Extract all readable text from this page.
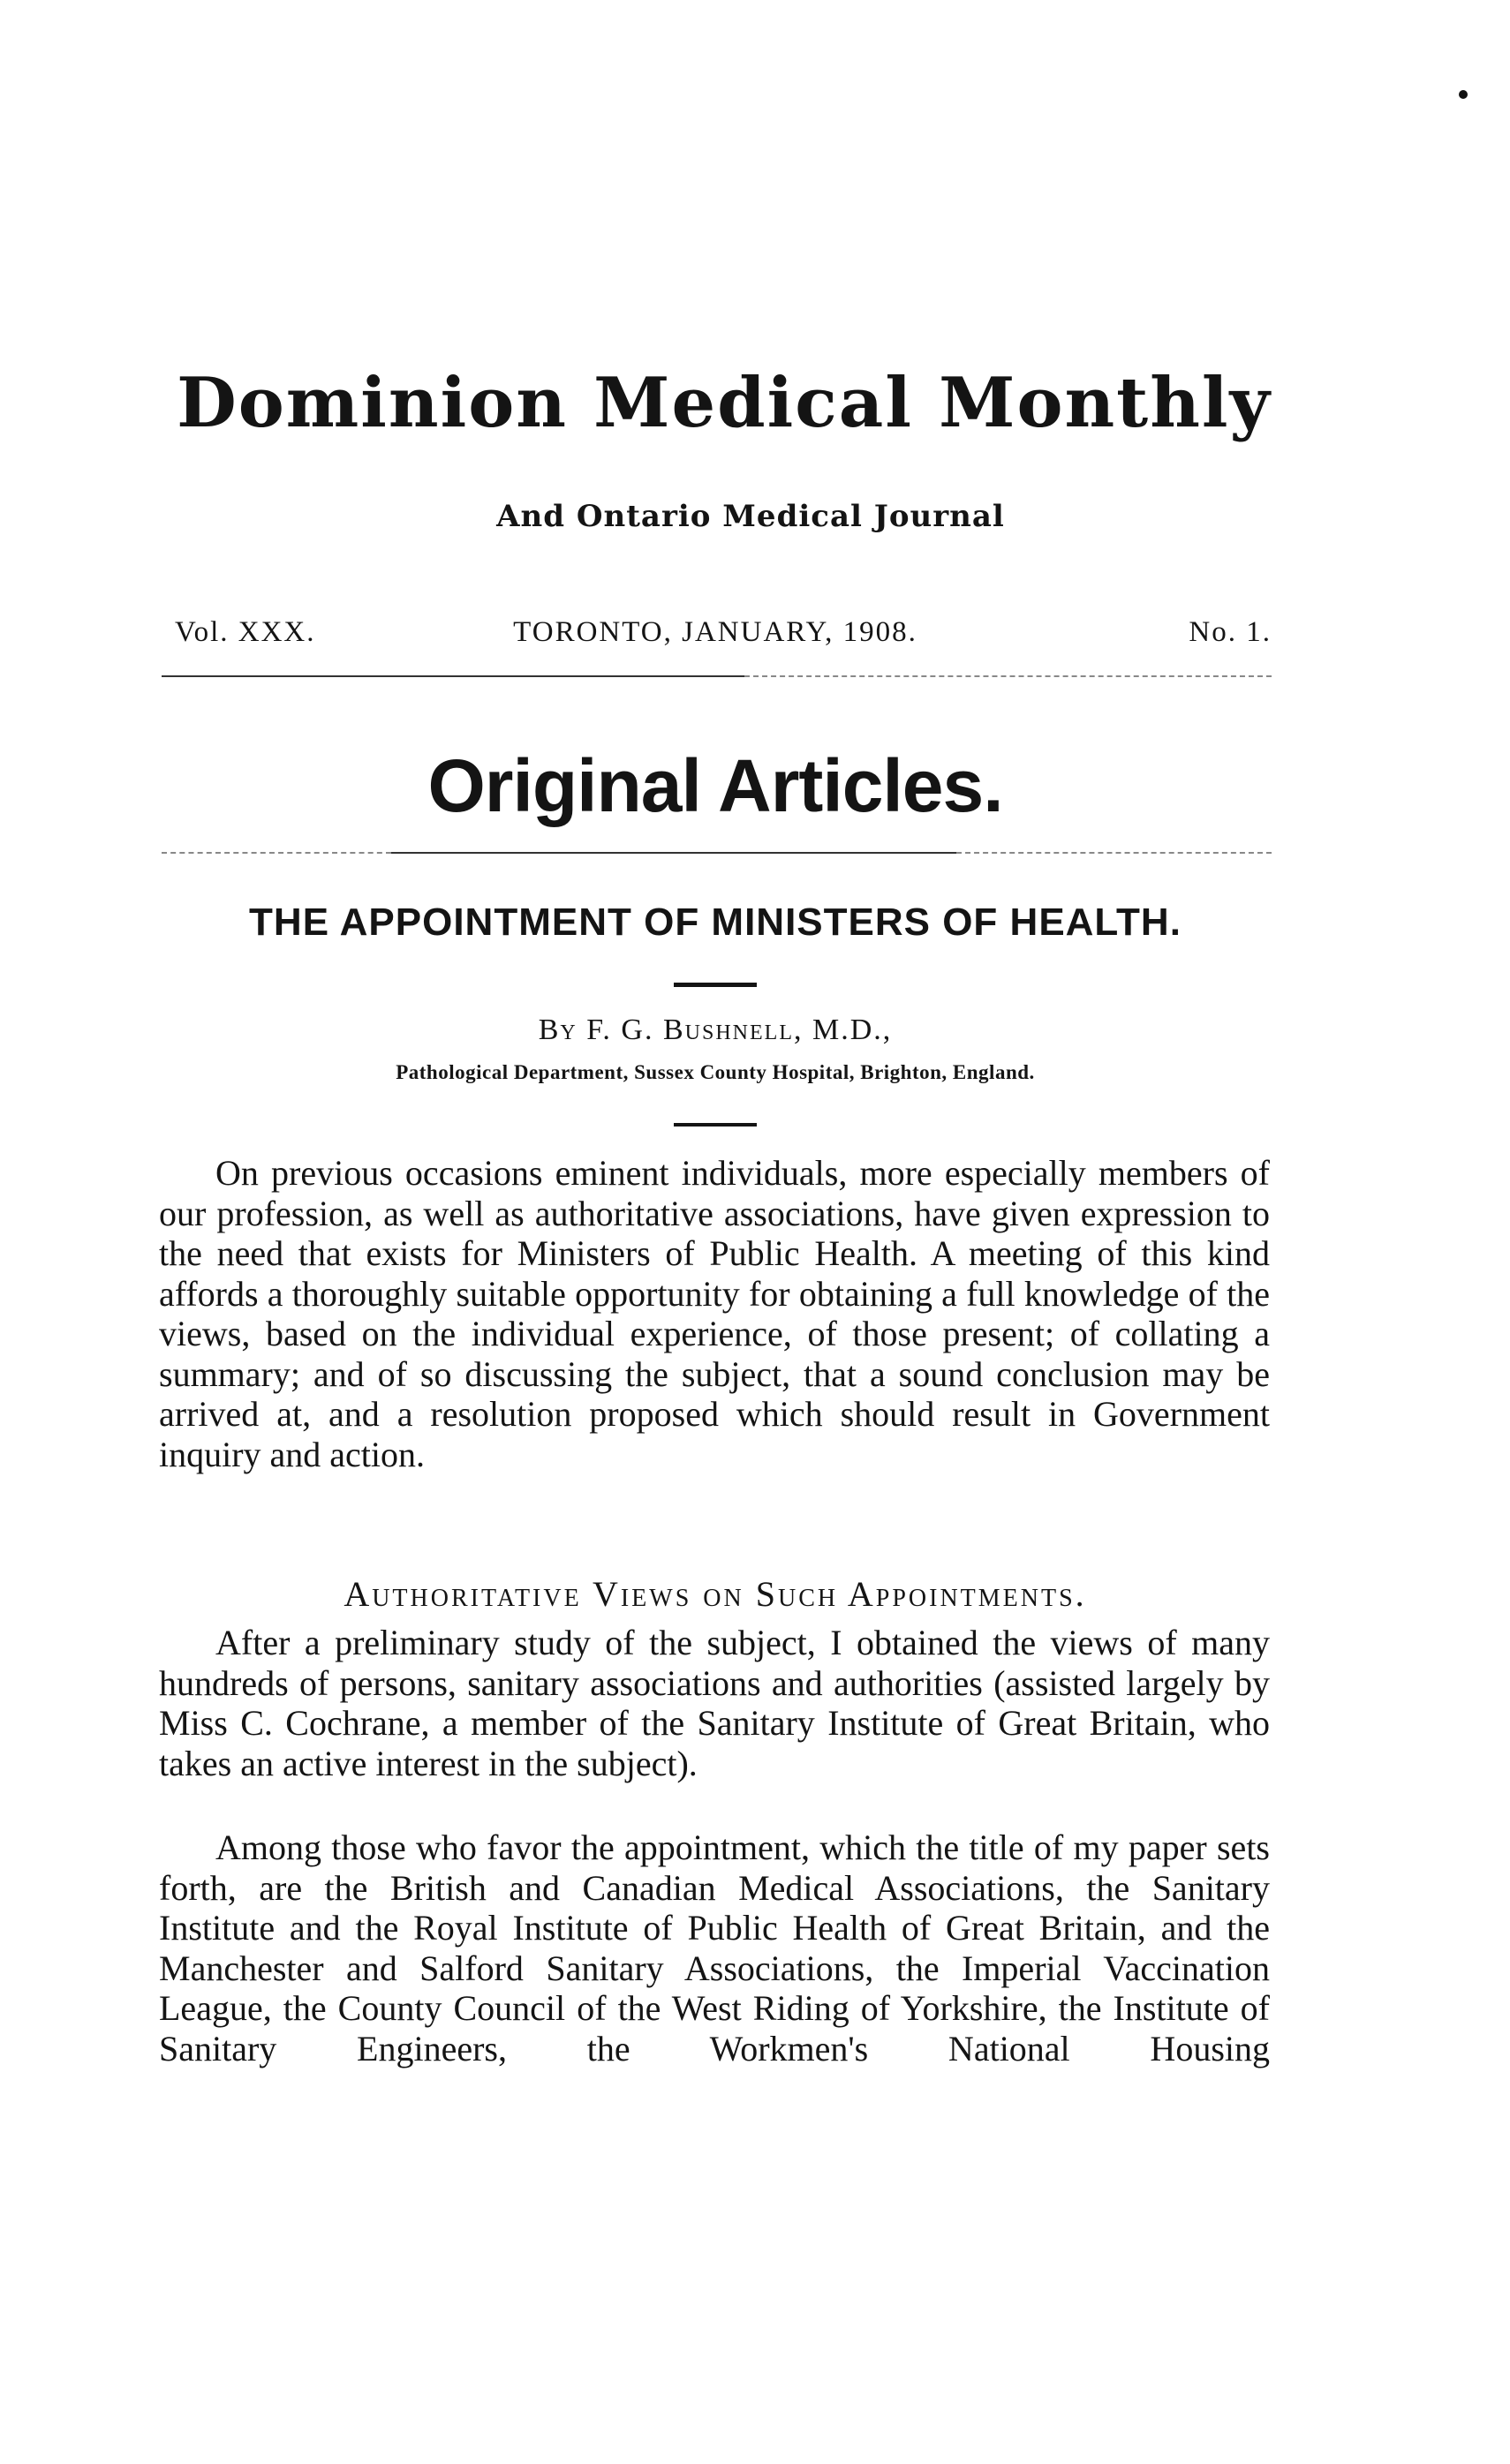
Dominion Medical Monthly
And Ontario Medical Journal
Vol. XXX.	TORONTO, JANUARY, 1908.	No. 1.
Original Articles.
THE APPOINTMENT OF MINISTERS OF HEALTH.
By F. G. Bushnell, M.D.,
Pathological Department, Sussex County Hospital, Brighton, England.

On previous occasions eminent individuals, more especially members of our profession, as well as authoritative associations, have given expression to the need that exists for Ministers of Public Health. A meeting of this kind affords a thoroughly suitable opportunity for obtaining a full knowledge of the views, based on the individual experience, of those present; of collating a summary; and of so discussing the subject, that a sound conclusion may be arrived at, and a resolution proposed which should result in Government inquiry and action.

Authoritative Views on Such Appointments.

After a preliminary study of the subject, I obtained the views of many hundreds of persons, sanitary associations and authorities (assisted largely by Miss C. Cochrane, a member of the Sanitary Institute of Great Britain, who takes an active interest in the subject).

Among those who favor the appointment, which the title of my paper sets forth, are the British and Canadian Medical Associations, the Sanitary Institute and the Royal Institute of Public Health of Great Britain, and the Manchester and Salford Sanitary Associations, the Imperial Vaccination League, the County Council of the West Riding of Yorkshire, the Institute of Sanitary Engineers, the Workmen's National Housing
